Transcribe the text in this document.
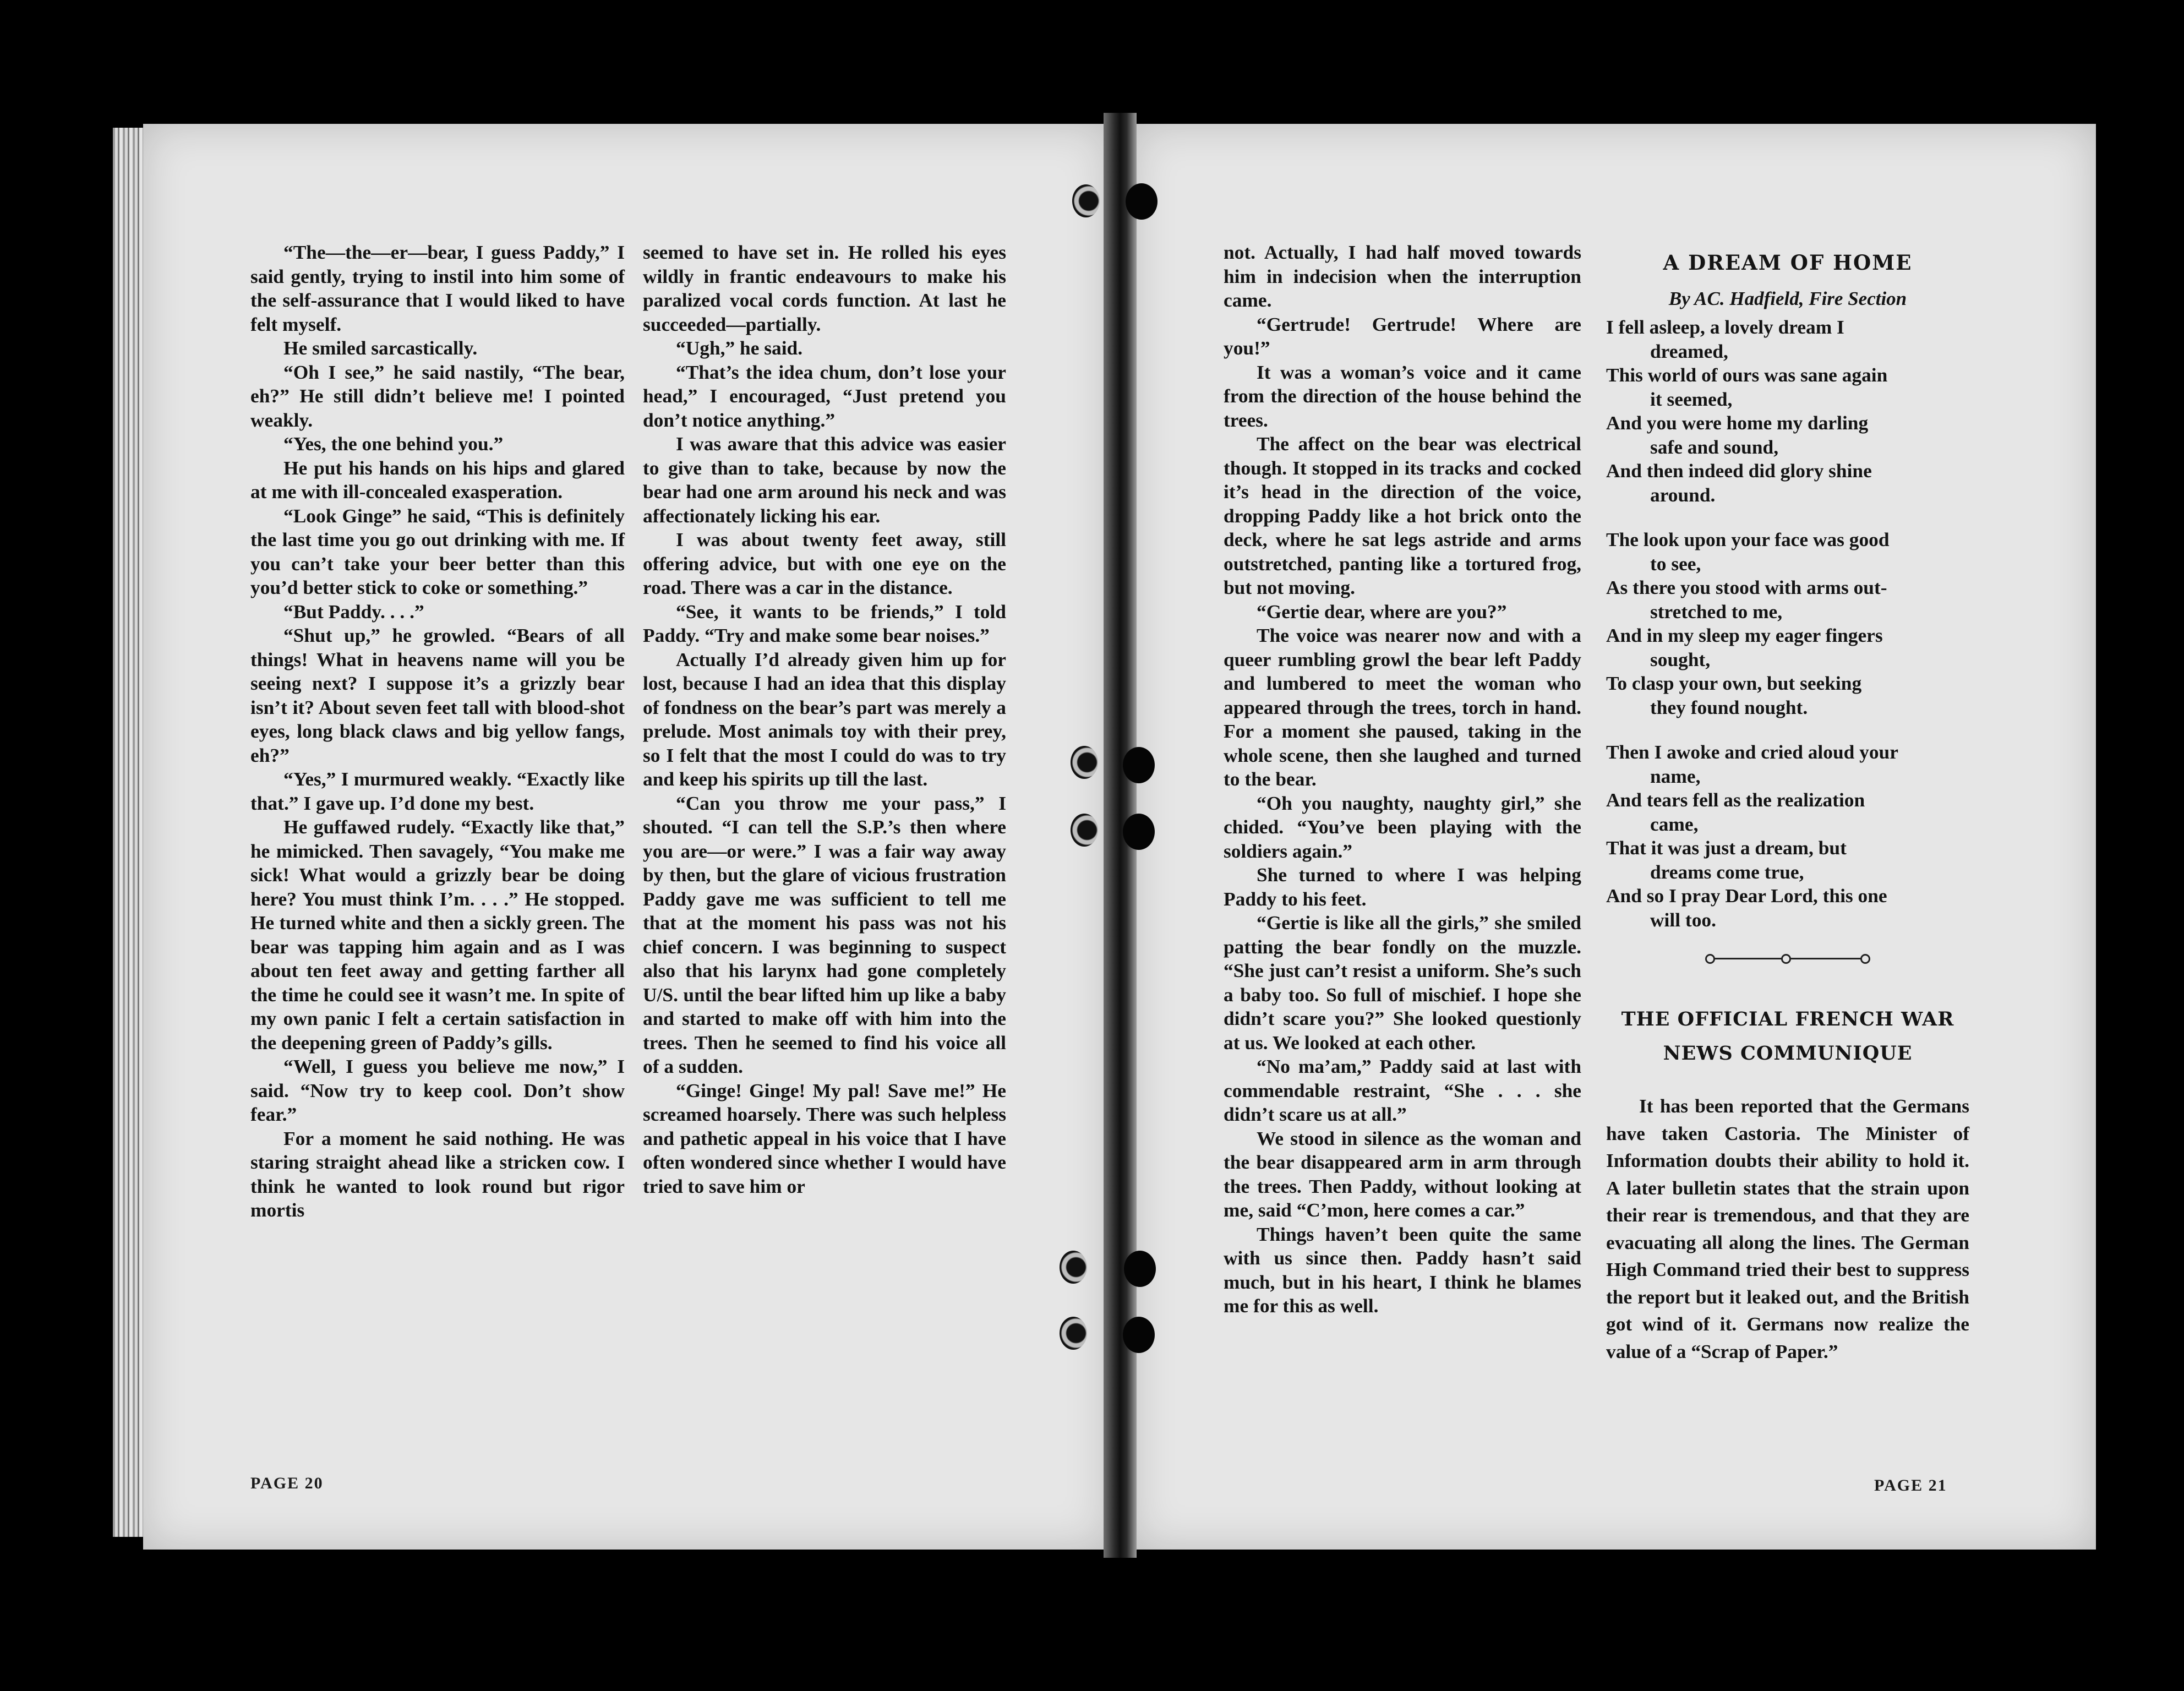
“The—the—er—bear, I guess Paddy,” I said gently, trying to instil into him some of the self-assurance that I would liked to have felt myself.

He smiled sarcastically.

“Oh I see,” he said nastily, “The bear, eh?” He still didn’t believe me! I pointed weakly.

“Yes, the one behind you.”

He put his hands on his hips and glared at me with ill-concealed exasperation.

“Look Ginge” he said, “This is definitely the last time you go out drinking with me. If you can’t take your beer better than this you’d better stick to coke or something.”

“But Paddy. . . .”

“Shut up,” he growled. “Bears of all things! What in heavens name will you be seeing next? I suppose it’s a grizzly bear isn’t it? About seven feet tall with blood-shot eyes, long black claws and big yellow fangs, eh?”

“Yes,” I murmured weakly. “Exactly like that.” I gave up. I’d done my best.

He guffawed rudely. “Exactly like that,” he mimicked. Then savagely, “You make me sick! What would a grizzly bear be doing here? You must think I’m. . . .” He stopped. He turned white and then a sickly green. The bear was tapping him again and as I was about ten feet away and getting farther all the time he could see it wasn’t me. In spite of my own panic I felt a certain satisfaction in the deepening green of Paddy’s gills.

“Well, I guess you believe me now,” I said. “Now try to keep cool. Don’t show fear.”

For a moment he said nothing. He was staring straight ahead like a stricken cow. I think he wanted to look round but rigor mortis

seemed to have set in. He rolled his eyes wildly in frantic endeavours to make his paralized vocal cords function. At last he succeeded—partially.

“Ugh,” he said.

“That’s the idea chum, don’t lose your head,” I encouraged, “Just pretend you don’t notice anything.”

I was aware that this advice was easier to give than to take, because by now the bear had one arm around his neck and was affectionately licking his ear.

I was about twenty feet away, still offering advice, but with one eye on the road. There was a car in the distance.

“See, it wants to be friends,” I told Paddy. “Try and make some bear noises.”

Actually I’d already given him up for lost, because I had an idea that this display of fondness on the bear’s part was merely a prelude. Most animals toy with their prey, so I felt that the most I could do was to try and keep his spirits up till the last.

“Can you throw me your pass,” I shouted. “I can tell the S.P.’s then where you are—or were.” I was a fair way away by then, but the glare of vicious frustration Paddy gave me was sufficient to tell me that at the moment his pass was not his chief concern. I was beginning to suspect also that his larynx had gone completely U/S. until the bear lifted him up like a baby and started to make off with him into the trees. Then he seemed to find his voice all of a sudden.

“Ginge! Ginge! My pal! Save me!” He screamed hoarsely. There was such helpless and pathetic appeal in his voice that I have often wondered since whether I would have tried to save him or

PAGE 20

not. Actually, I had half moved towards him in indecision when the interruption came.

“Gertrude! Gertrude! Where are you!”

It was a woman’s voice and it came from the direction of the house behind the trees.

The affect on the bear was electrical though. It stopped in its tracks and cocked it’s head in the direction of the voice, dropping Paddy like a hot brick onto the deck, where he sat legs astride and arms outstretched, panting like a tortured frog, but not moving.

“Gertie dear, where are you?”

The voice was nearer now and with a queer rumbling growl the bear left Paddy and lumbered to meet the woman who appeared through the trees, torch in hand. For a moment she paused, taking in the whole scene, then she laughed and turned to the bear.

“Oh you naughty, naughty girl,” she chided. “You’ve been playing with the soldiers again.”

She turned to where I was helping Paddy to his feet.

“Gertie is like all the girls,” she smiled patting the bear fondly on the muzzle. “She just can’t resist a uniform. She’s such a baby too. So full of mischief. I hope she didn’t scare you?” She looked questionly at us. We looked at each other.

“No ma’am,” Paddy said at last with commendable restraint, “She . . . she didn’t scare us at all.”

We stood in silence as the woman and the bear disappeared arm in arm through the trees. Then Paddy, without looking at me, said “C’mon, here comes a car.”

Things haven’t been quite the same with us since then. Paddy hasn’t said much, but in his heart, I think he blames me for this as well.

A DREAM OF HOME
By AC. Hadfield, Fire Section
I fell asleep, a lovely dream I
dreamed,
This world of ours was sane again
it seemed,
And you were home my darling
safe and sound,
And then indeed did glory shine
around.
The look upon your face was good
to see,
As there you stood with arms out-
stretched to me,
And in my sleep my eager fingers
sought,
To clasp your own, but seeking
they found nought.
Then I awoke and cried aloud your
name,
And tears fell as the realization
came,
That it was just a dream, but
dreams come true,
And so I pray Dear Lord, this one
will too.
THE OFFICIAL FRENCH WAR
NEWS COMMUNIQUE

It has been reported that the Germans have taken Castoria. The Minister of Information doubts their ability to hold it. A later bulletin states that the strain upon their rear is tremendous, and that they are evacuating all along the lines. The German High Command tried their best to suppress the report but it leaked out, and the British got wind of it. Germans now realize the value of a “Scrap of Paper.”

PAGE 21
